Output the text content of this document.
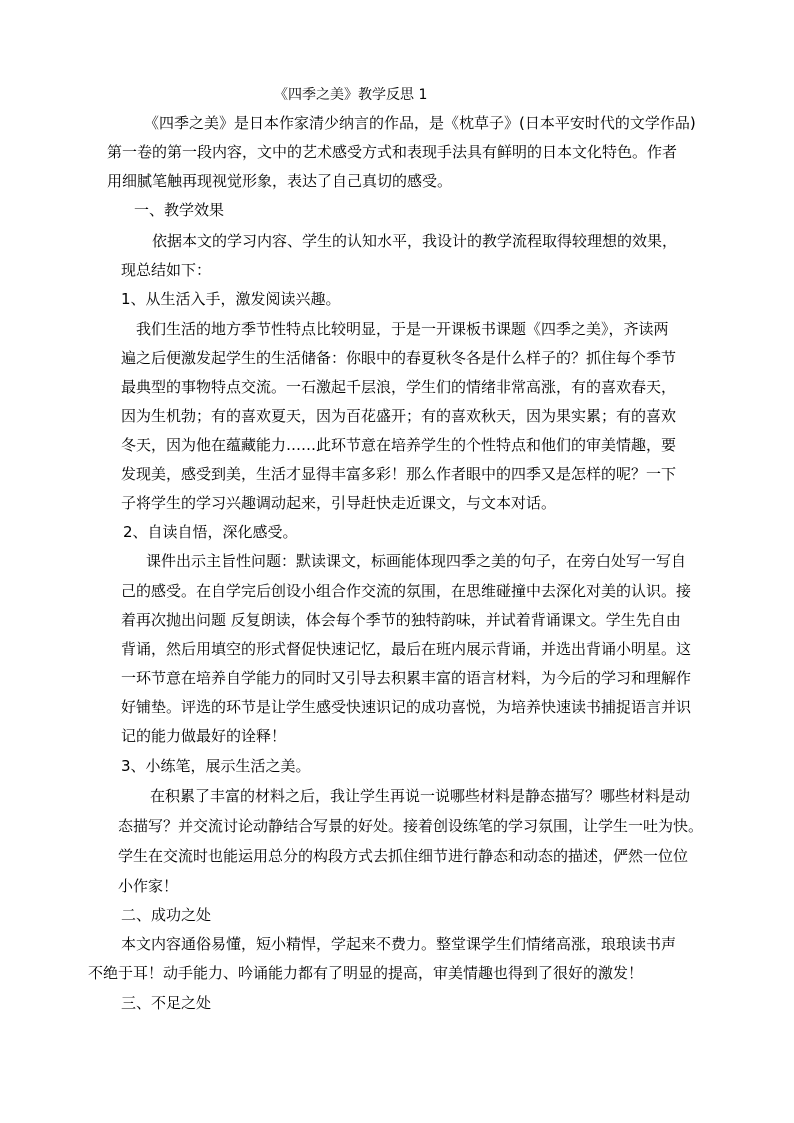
《四季之美》教学反思 1
《四季之美》是日本作家清少纳言的作品，是《枕草子》(日本平安时代的文学作品)
第一卷的第一段内容，文中的艺术感受方式和表现手法具有鲜明的日本文化特色。作者
用细腻笔触再现视觉形象，表达了自己真切的感受。
一、教学效果
依据本文的学习内容、学生的认知水平，我设计的教学流程取得较理想的效果，
现总结如下：
1、从生活入手，激发阅读兴趣。
我们生活的地方季节性特点比较明显，于是一开课板书课题《四季之美》，齐读两
遍之后便激发起学生的生活储备：你眼中的春夏秋冬各是什么样子的？抓住每个季节
最典型的事物特点交流。一石激起千层浪，学生们的情绪非常高涨，有的喜欢春天，
因为生机勃；有的喜欢夏天，因为百花盛开；有的喜欢秋天，因为果实累；有的喜欢
冬天，因为他在蕴藏能力……此环节意在培养学生的个性特点和他们的审美情趣，要
发现美，感受到美，生活才显得丰富多彩！那么作者眼中的四季又是怎样的呢？一下
子将学生的学习兴趣调动起来，引导赶快走近课文，与文本对话。
2、自读自悟，深化感受。
课件出示主旨性问题：默读课文，标画能体现四季之美的句子，在旁白处写一写自
己的感受。在自学完后创设小组合作交流的氛围，在思维碰撞中去深化对美的认识。接
着再次抛出问题 反复朗读，体会每个季节的独特韵味，并试着背诵课文。学生先自由
背诵，然后用填空的形式督促快速记忆，最后在班内展示背诵，并选出背诵小明星。这
一环节意在培养自学能力的同时又引导去积累丰富的语言材料，为今后的学习和理解作
好铺垫。评选的环节是让学生感受快速识记的成功喜悦，为培养快速读书捕捉语言并识
记的能力做最好的诠释！
3、小练笔，展示生活之美。
在积累了丰富的材料之后，我让学生再说一说哪些材料是静态描写？哪些材料是动
态描写？并交流讨论动静结合写景的好处。接着创设练笔的学习氛围，让学生一吐为快。
学生在交流时也能运用总分的构段方式去抓住细节进行静态和动态的描述，俨然一位位
小作家！
二、成功之处
本文内容通俗易懂，短小精悍，学起来不费力。整堂课学生们情绪高涨，琅琅读书声
不绝于耳！动手能力、吟诵能力都有了明显的提高，审美情趣也得到了很好的激发！
三、不足之处
